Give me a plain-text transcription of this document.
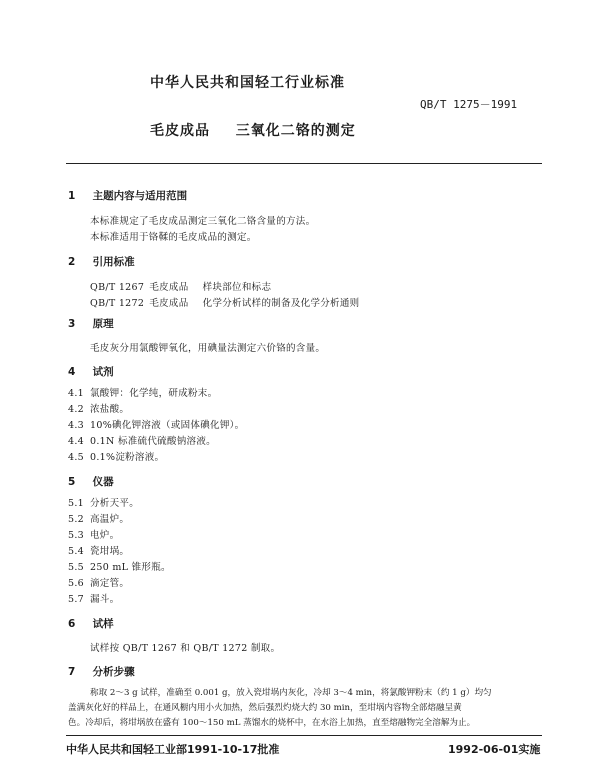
中华人民共和国轻工行业标准
QB/T 1275－1991
毛皮成品 三氧化二铬的测定
1 主题内容与适用范围
本标准规定了毛皮成品测定三氧化二铬含量的方法。
本标准适用于铬鞣的毛皮成品的测定。
2 引用标准
QB/T 1267 毛皮成品 样块部位和标志
QB/T 1272 毛皮成品 化学分析试样的制备及化学分析通则
3 原理
毛皮灰分用氯酸钾氧化，用碘量法测定六价铬的含量。
4 试剂
4.1 氯酸钾：化学纯，研成粉末。
4.2 浓盐酸。
4.3 10%碘化钾溶液（或固体碘化钾）。
4.4 0.1N 标准硫代硫酸钠溶液。
4.5 0.1%淀粉溶液。
5 仪器
5.1 分析天平。
5.2 高温炉。
5.3 电炉。
5.4 瓷坩埚。
5.5 250 mL 锥形瓶。
5.6 滴定管。
5.7 漏斗。
6 试样
试样按 QB/T 1267 和 QB/T 1272 制取。
7 分析步骤
称取 2～3 g 试样，准确至 0.001 g，放入瓷坩埚内灰化，冷却 3～4 min，将氯酸钾粉末（约 1 g）均匀
盖满灰化好的样品上，在通风橱内用小火加热，然后强烈灼烧大约 30 min，至坩埚内容物全部熔融呈黄
色。冷却后，将坩埚放在盛有 100～150 mL 蒸馏水的烧杯中，在水浴上加热，直至熔融物完全溶解为止。
中华人民共和国轻工业部1991-10-17批准	1992-06-01实施
